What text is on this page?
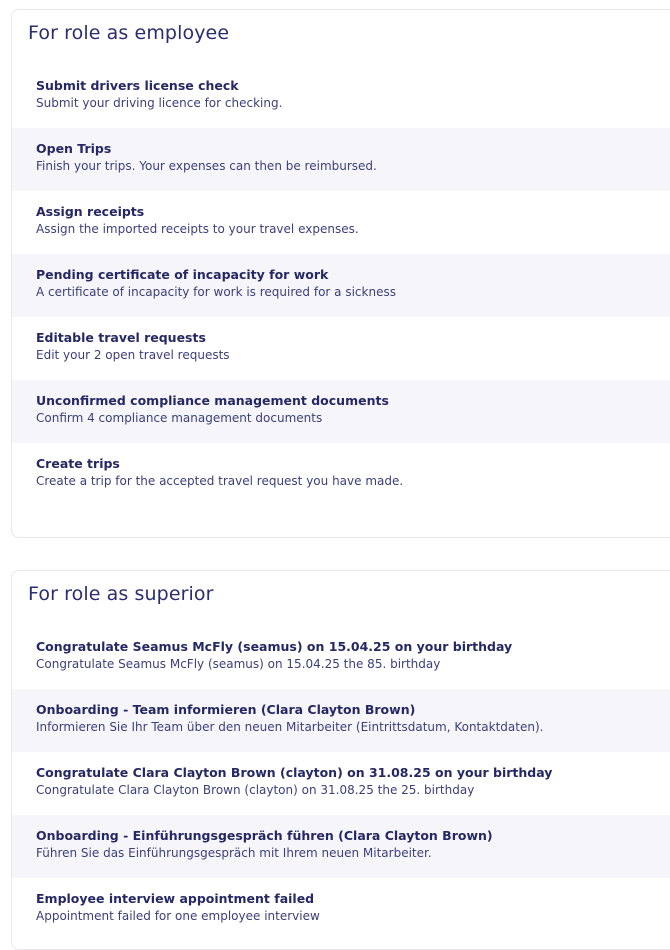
For role as employee
Submit drivers license check
Submit your driving licence for checking.
Open Trips
Finish your trips. Your expenses can then be reimbursed.
Assign receipts
Assign the imported receipts to your travel expenses.
Pending certificate of incapacity for work
A certificate of incapacity for work is required for a sickness
Editable travel requests
Edit your 2 open travel requests
Unconfirmed compliance management documents
Confirm 4 compliance management documents
Create trips
Create a trip for the accepted travel request you have made.
For role as superior
Congratulate Seamus McFly (seamus) on 15.04.25 on your birthday
Congratulate Seamus McFly (seamus) on 15.04.25 the 85. birthday
Onboarding - Team informieren (Clara Clayton Brown)
Informieren Sie Ihr Team über den neuen Mitarbeiter (Eintrittsdatum, Kontaktdaten).
Congratulate Clara Clayton Brown (clayton) on 31.08.25 on your birthday
Congratulate Clara Clayton Brown (clayton) on 31.08.25 the 25. birthday
Onboarding - Einführungsgespräch führen (Clara Clayton Brown)
Führen Sie das Einführungsgespräch mit Ihrem neuen Mitarbeiter.
Employee interview appointment failed
Appointment failed for one employee interview
